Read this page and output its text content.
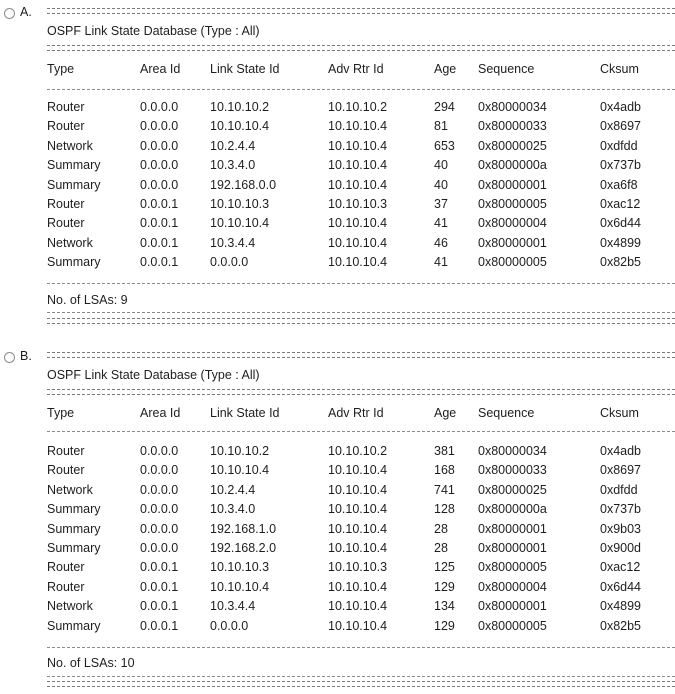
A.
OSPF Link State Database (Type : All)
Type	Area Id Link State Id	Adv Rtr Id	Age Sequence	Cksum
Router	0.0.0.0	10.10.10.2	10.10.10.2	294 0x80000034	0x4adb
Router	0.0.0.0	10.10.10.4	10.10.10.4	81 0x80000033	0x8697
Network	0.0.0.0	10.2.4.4	10.10.10.4	653 0x80000025	0xdfdd
Summary	0.0.0.0	10.3.4.0	10.10.10.4	40 0x8000000a	0x737b
Summary	0.0.0.0	192.168.0.0	10.10.10.4	40 0x80000001	0xa6f8
Router	0.0.0.1	10.10.10.3	10.10.10.3	37 0x80000005	0xac12
Router	0.0.0.1	10.10.10.4	10.10.10.4	41 0x80000004	0x6d44
Network	0.0.0.1	10.3.4.4	10.10.10.4	46 0x80000001	0x4899
Summary	0.0.0.1	0.0.0.0	10.10.10.4	41 0x80000005	0x82b5
No. of LSAs: 9
B.
OSPF Link State Database (Type : All)
Type	Area Id Link State Id	Adv Rtr Id	Age Sequence	Cksum
Router	0.0.0.0	10.10.10.2	10.10.10.2	381 0x80000034	0x4adb
Router	0.0.0.0	10.10.10.4	10.10.10.4	168 0x80000033	0x8697
Network	0.0.0.0	10.2.4.4	10.10.10.4	741 0x80000025	0xdfdd
Summary	0.0.0.0	10.3.4.0	10.10.10.4	128 0x8000000a	0x737b
Summary	0.0.0.0	192.168.1.0	10.10.10.4	28 0x80000001	0x9b03
Summary	0.0.0.0	192.168.2.0	10.10.10.4	28 0x80000001	0x900d
Router	0.0.0.1	10.10.10.3	10.10.10.3	125 0x80000005	0xac12
Router	0.0.0.1	10.10.10.4	10.10.10.4	129 0x80000004	0x6d44
Network	0.0.0.1	10.3.4.4	10.10.10.4	134 0x80000001	0x4899
Summary	0.0.0.1	0.0.0.0	10.10.10.4	129 0x80000005	0x82b5
No. of LSAs: 10
